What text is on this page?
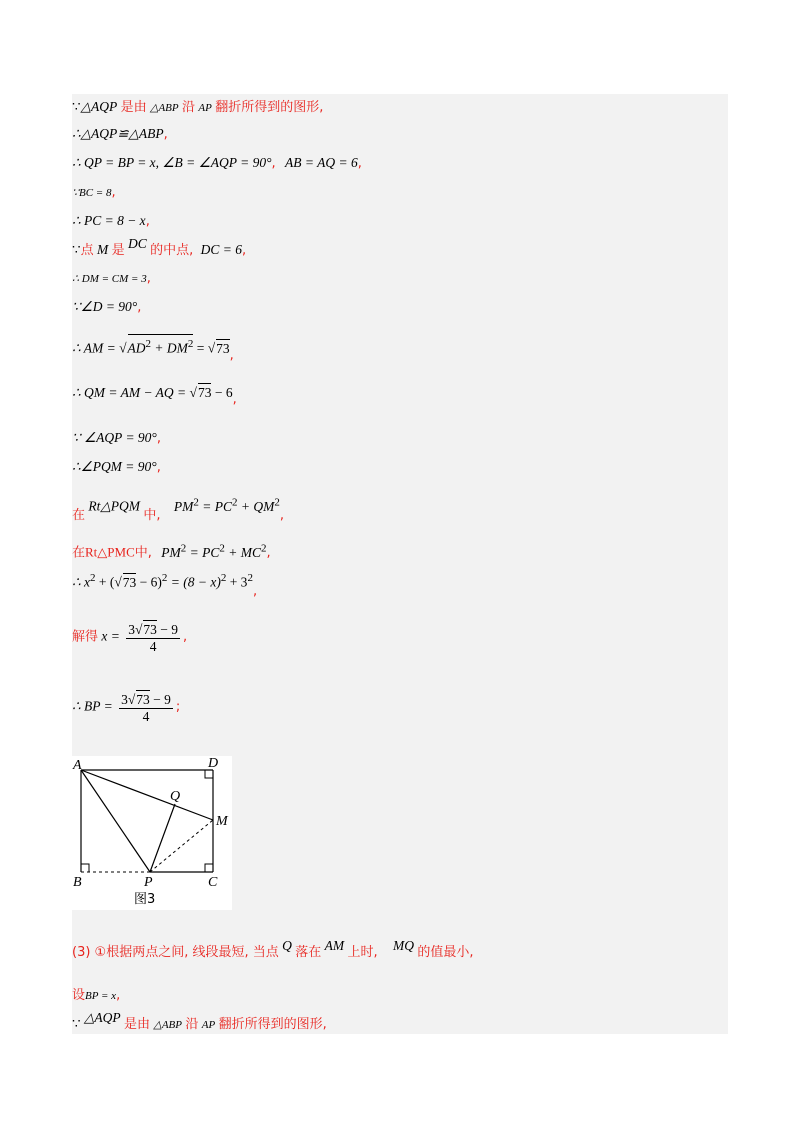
∵△AQP 是由 △ABP 沿 AP 翻折所得到的图形,
∴△AQP≌△ABP,
∴ QP = BP = x, ∠B = ∠AQP = 90°, AB = AQ = 6,
∵BC = 8,
∴ PC = 8 − x,
∵点 M 是 DC 的中点, DC = 6,
∴ DM = CM = 3,
∵∠D = 90°,
∴ AM = $√AD^2 + DM^2 = √73$,
∴ QM = AM − AQ = √73 − 6,
∵ ∠AQP = 90°,
∴∠PQM = 90°,
在 Rt△PQM 中, $PM^2 = PC^2 + QM^2$,
在Rt△PMC中, $PM^2 = PC^2 + MC^2$,
∴ $x^2 + (√73 - 6)^2 = (8 - x)^2 + 3^2$,
解得 $x = \frac{3√73 - 9}{4}$ ,
∴ BP = $\frac{3√73 - 9}{4}$ ;
A	D
Q
M
B	P	C
图3
(3) ①根据两点之间, 线段最短, 当点 Q 落在 AM 上时, MQ 的值最小,
设BP = x,
∵ △AQP 是由 △ABP 沿 AP 翻折所得到的图形,
